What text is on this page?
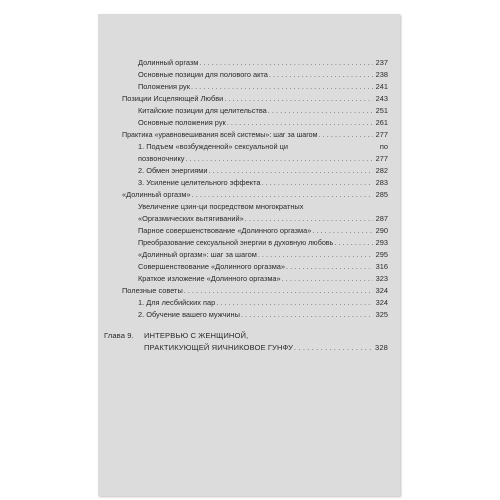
Долинный оргазм . . .	237
Основные позиции для полового акта . . .	238
Положения рук . . .	241
Позиции Исцеляющей Любви . . .	243
Китайские позиции для целительства . . .	251
Основные положения рук . . .	261
Практика «уравновешивания всей системы»: шаг за шагом . . .	277
1. Подъем «возбужденной» сексуальной ци	по
позвоночнику . . .	277
2. Обмен энергиями . . .	282
3. Усиление целительного эффекта . . .	283
«Долинный оргазм» . . .	285
Увеличение цзин-ци посредством многократных
«Оргазмических вытягиваний» . . .	287
Парное совершенствование «Долинного оргазма» . . .	290
Преобразование сексуальной энергии в духовную любовь . . .	293
«Долинный оргазм»: шаг за шагом . . .	295
Совершенствование «Долинного оргазма» . . .	316
Краткое изложение «Долинного оргазма» . . .	323
Полезные советы . . .	324
1. Для лесбийских пар . . .	324
2. Обучение вашего мужчины . . .	325
Глава 9. ИНТЕРВЬЮ С ЖЕНЩИНОЙ,
ПРАКТИКУЮЩЕЙ ЯИЧНИКОВОЕ ГУНФУ . . .	328
